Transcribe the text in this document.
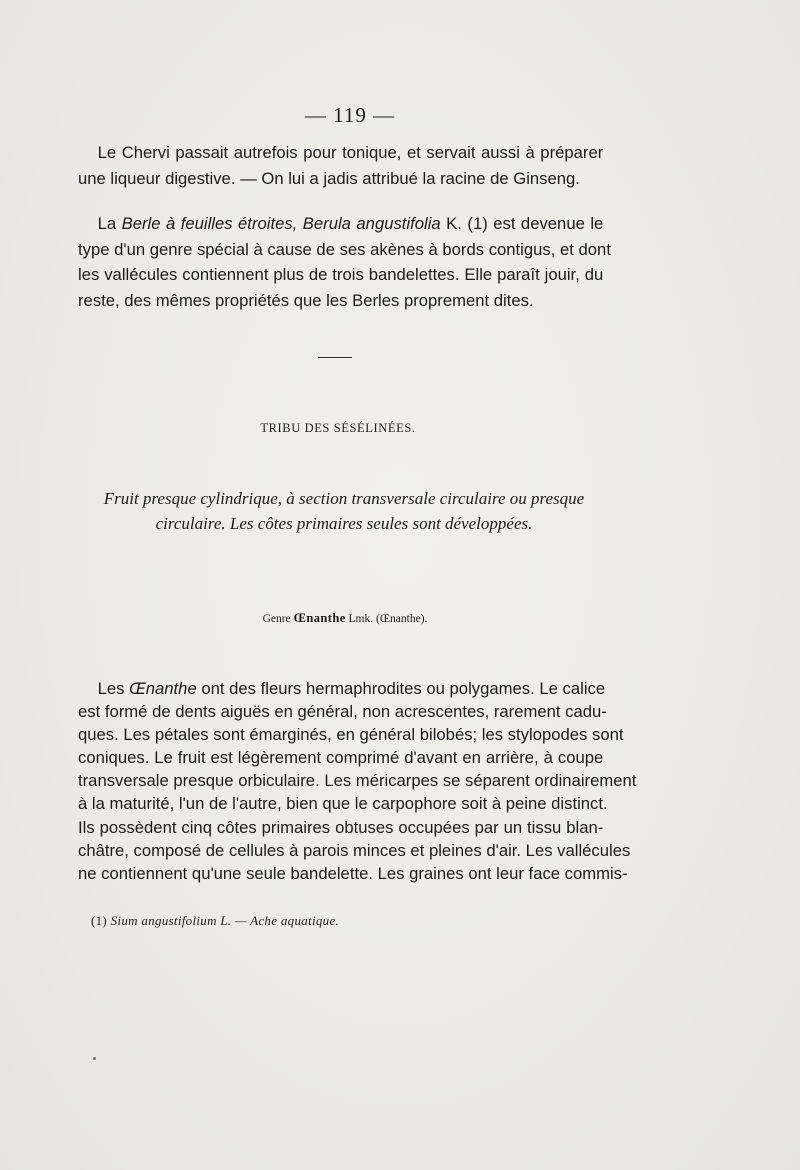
— 119 —
Le Chervi passait autrefois pour tonique, et servait aussi à préparer
une liqueur digestive. — On lui a jadis attribué la racine de Ginseng.
La Berle à feuilles étroites, Berula angustifolia K. (1) est devenue le
type d'un genre spécial à cause de ses akènes à bords contigus, et dont
les vallécules contiennent plus de trois bandelettes. Elle paraît jouir, du
reste, des mêmes propriétés que les Berles proprement dites.
TRIBU DES SÉSÉLINÉES.
Fruit presque cylindrique, à section transversale circulaire ou presque
circulaire. Les côtes primaires seules sont développées.
Genre Œnanthe Lmk. (Œnanthe).
Les Œnanthe ont des fleurs hermaphrodites ou polygames. Le calice
est formé de dents aiguës en général, non acrescentes, rarement cadu-
ques. Les pétales sont émarginés, en général bilobés; les stylopodes sont
coniques. Le fruit est légèrement comprimé d'avant en arrière, à coupe
transversale presque orbiculaire. Les méricarpes se séparent ordinairement
à la maturité, l'un de l'autre, bien que le carpophore soit à peine distinct.
Ils possèdent cinq côtes primaires obtuses occupées par un tissu blan-
châtre, composé de cellules à parois minces et pleines d'air. Les vallécules
ne contiennent qu'une seule bandelette. Les graines ont leur face commis-
(1) Sium angustifolium L. — Ache aquatique.
